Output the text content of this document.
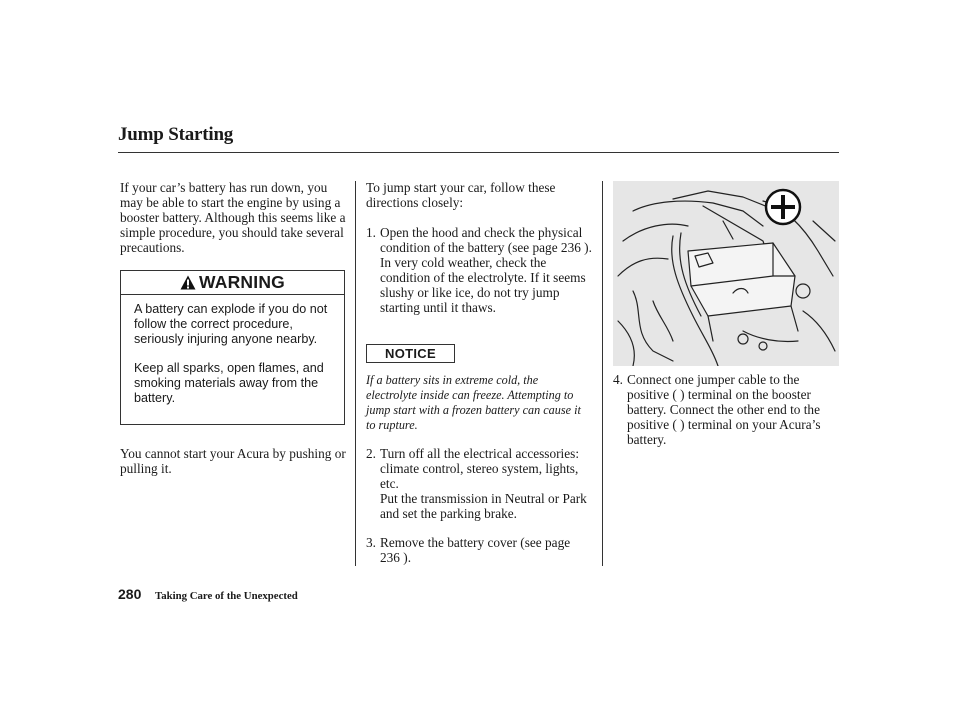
Jump Starting

If your car’s battery has run down, you may be able to start the engine by using a booster battery. Although this seems like a simple procedure, you should take several precautions.

WARNING

A battery can explode if you do not follow the correct procedure, seriously injuring anyone nearby.

Keep all sparks, open flames, and smoking materials away from the battery.

You cannot start your Acura by pushing or pulling it.

To jump start your car, follow these directions closely:

1. Open the hood and check the physical condition of the battery (see page 236 ). In very cold weather, check the condition of the electrolyte. If it seems slushy or like ice, do not try jump starting until it thaws.
NOTICE
If a battery sits in extreme cold, the electrolyte inside can freeze. Attempting to jump start with a frozen battery can cause it to rupture.
2. Turn off all the electrical accessories: climate control, stereo system, lights, etc.
Put the transmission in Neutral or Park and set the parking brake.
3. Remove the battery cover (see page 236 ).
4. Connect one jumper cable to the positive ( ) terminal on the booster battery. Connect the other end to the positive ( ) terminal on your Acura’s battery.
280 Taking Care of the Unexpected
